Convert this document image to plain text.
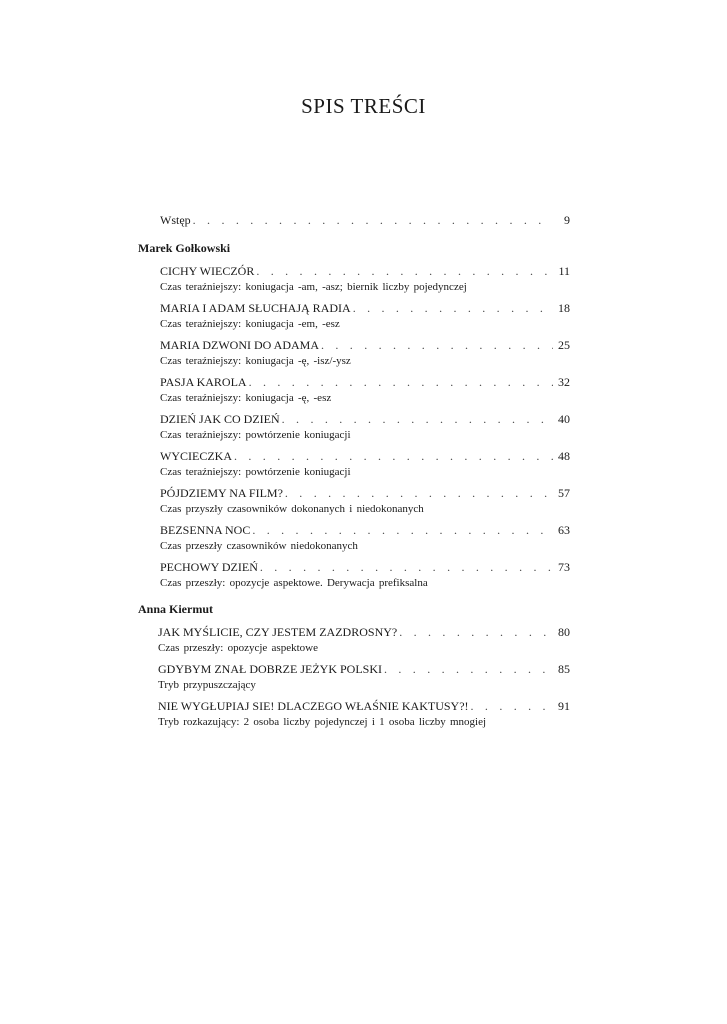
SPIS TREŚCI
Wstęp . . .	9
Marek Gołkowski
CICHY WIECZÓR . . .	11
Czas teraźniejszy: koniugacja -am, -asz; biernik liczby pojedynczej
MARIA I ADAM SŁUCHAJĄ RADIA . . .	18
Czas teraźniejszy: koniugacja -em, -esz
MARIA DZWONI DO ADAMA . . .	25
Czas teraźniejszy: koniugacja -ę, -isz/-ysz
PASJA KAROLA . . .	32
Czas teraźniejszy: koniugacja -ę, -esz
DZIEŃ JAK CO DZIEŃ . . .	40
Czas teraźniejszy: powtórzenie koniugacji
WYCIECZKA . . .	48
Czas teraźniejszy: powtórzenie koniugacji
PÓJDZIEMY NA FILM? . . .	57
Czas przyszły czasowników dokonanych i niedokonanych
BEZSENNA NOC . . .	63
Czas przeszły czasowników niedokonanych
PECHOWY DZIEŃ . . .	73
Czas przeszły: opozycje aspektowe. Derywacja prefiksalna
Anna Kiermut
JAK MYŚLICIE, CZY JESTEM ZAZDROSNY? . . .	80
Czas przeszły: opozycje aspektowe
GDYBYM ZNAŁ DOBRZE JEŻYK POLSKI . . .	85
Tryb przypuszczający
NIE WYGŁUPIAJ SIE! DLACZEGO WŁAŚNIE KAKTUSY?! . . .	91
Tryb rozkazujący: 2 osoba liczby pojedynczej i 1 osoba liczby mnogiej
